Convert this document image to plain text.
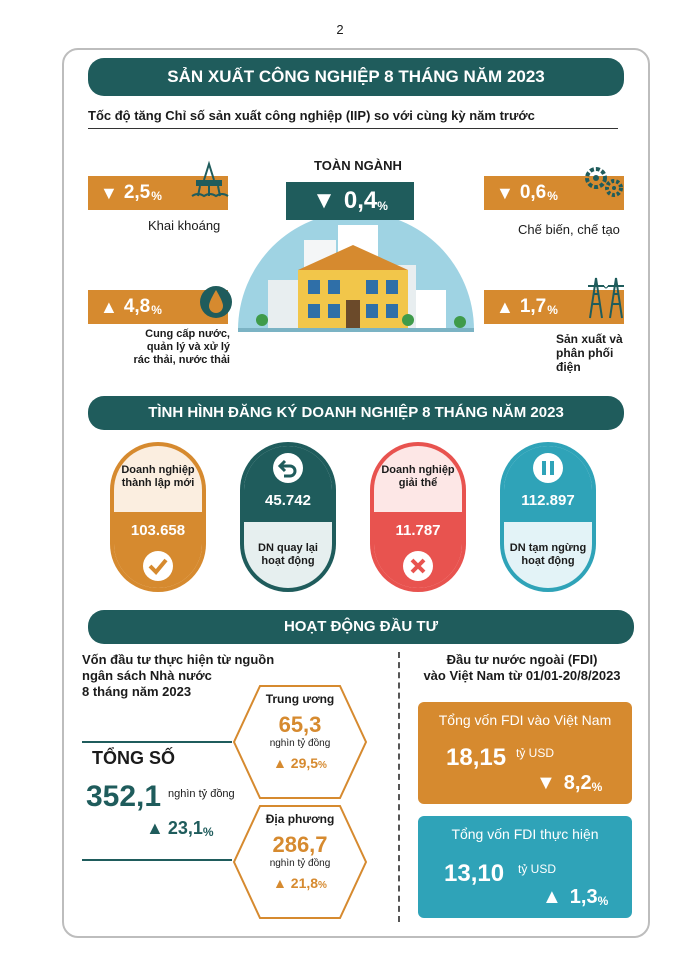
2
SẢN XUẤT CÔNG NGHIỆP 8 THÁNG NĂM 2023
Tốc độ tăng Chỉ số sản xuất công nghiệp (IIP) so với cùng kỳ năm trước
TOÀN NGÀNH
▼ 0,4 %
▼ 2,5 %
Khai khoáng
▼ 0,6 %
Chế biến, chế tạo
▲ 4,8 %
Cung cấp nước,
quản lý và xử lý
rác thải, nước thải
▲ 1,7 %
Sản xuất và
phân phối điện
TÌNH HÌNH ĐĂNG KÝ DOANH NGHIỆP 8 THÁNG NĂM 2023
Doanh nghiệp
thành lập mới
103.658
45.742
DN quay lại
hoạt động
Doanh nghiệp
giải thể
11.787
112.897
DN tạm ngừng
hoạt động
HOẠT ĐỘNG ĐẦU TƯ
Vốn đầu tư thực hiện từ nguồn
ngân sách Nhà nước
8 tháng năm 2023
TỔNG SỐ
352,1 nghìn tỷ đồng
▲ 23,1 %
Trung ương
65,3
nghìn tỷ đồng
▲ 29,5%
Địa phương
286,7
nghìn tỷ đồng
▲ 21,8%
Đầu tư nước ngoài (FDI)
vào Việt Nam từ 01/01-20/8/2023
Tổng vốn FDI vào Việt Nam
18,15 tỷ USD
▼ 8,2 %
Tổng vốn FDI thực hiện
13,10 tỷ USD
▲ 1,3 %
